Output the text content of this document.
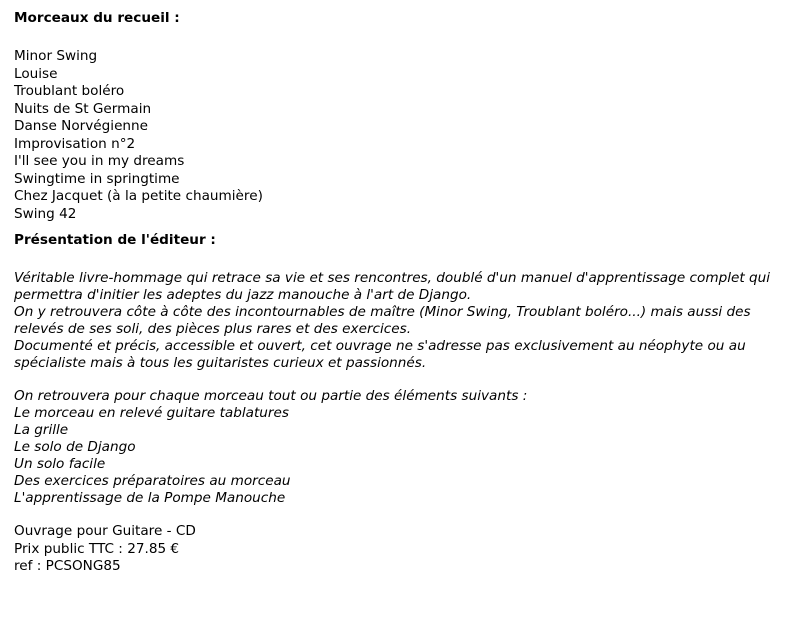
Morceaux du recueil :
Minor Swing
Louise
Troublant boléro
Nuits de St Germain
Danse Norvégienne
Improvisation n°2
I'll see you in my dreams
Swingtime in springtime
Chez Jacquet (à la petite chaumière)
Swing 42
Présentation de l'éditeur :
Véritable livre-hommage qui retrace sa vie et ses rencontres, doublé d'un manuel d'apprentissage complet qui
permettra d'initier les adeptes du jazz manouche à l'art de Django.
On y retrouvera côte à côte des incontournables de maître (Minor Swing, Troublant boléro...) mais aussi des
relevés de ses soli, des pièces plus rares et des exercices.
Documenté et précis, accessible et ouvert, cet ouvrage ne s'adresse pas exclusivement au néophyte ou au
spécialiste mais à tous les guitaristes curieux et passionnés.
On retrouvera pour chaque morceau tout ou partie des éléments suivants :
Le morceau en relevé guitare tablatures
La grille
Le solo de Django
Un solo facile
Des exercices préparatoires au morceau
L'apprentissage de la Pompe Manouche
Ouvrage pour Guitare - CD
Prix public TTC : 27.85 €
ref : PCSONG85
